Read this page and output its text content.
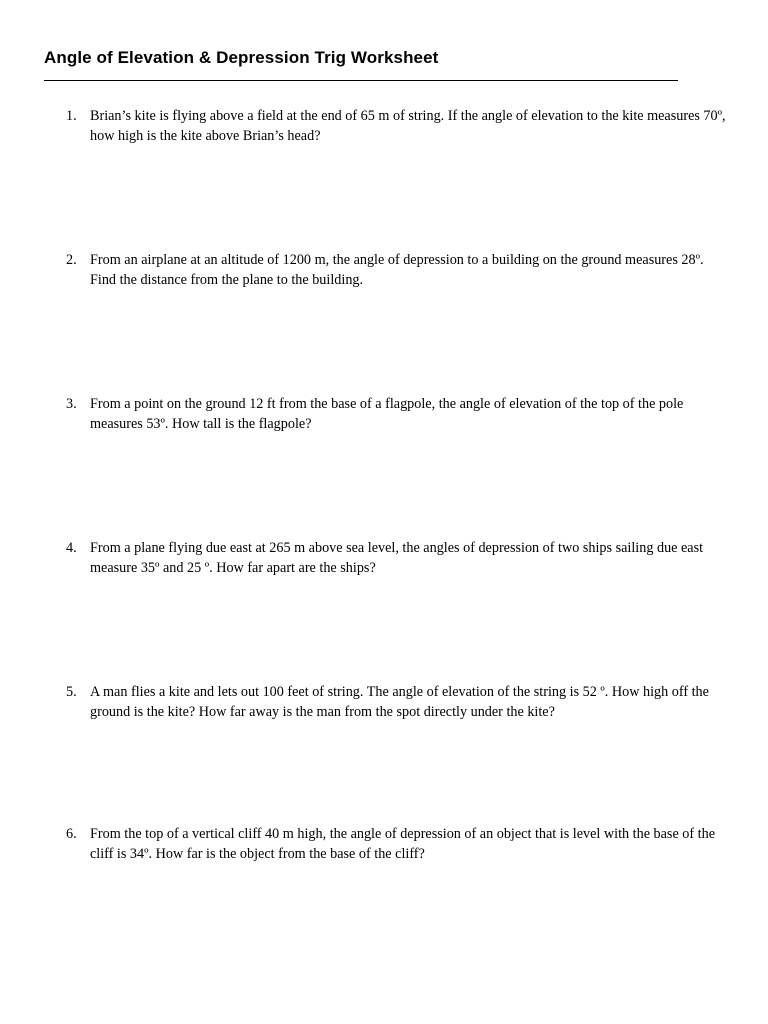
Angle of Elevation & Depression Trig Worksheet
1. Brian’s kite is flying above a field at the end of 65 m of string. If the angle of elevation to the kite measures 70º, how high is the kite above Brian’s head?
2. From an airplane at an altitude of 1200 m, the angle of depression to a building on the ground measures 28º. Find the distance from the plane to the building.
3. From a point on the ground 12 ft from the base of a flagpole, the angle of elevation of the top of the pole measures 53º. How tall is the flagpole?
4. From a plane flying due east at 265 m above sea level, the angles of depression of two ships sailing due east measure 35º and 25 º. How far apart are the ships?
5. A man flies a kite and lets out 100 feet of string. The angle of elevation of the string is 52 º. How high off the ground is the kite? How far away is the man from the spot directly under the kite?
6. From the top of a vertical cliff 40 m high, the angle of depression of an object that is level with the base of the cliff is 34º. How far is the object from the base of the cliff?
